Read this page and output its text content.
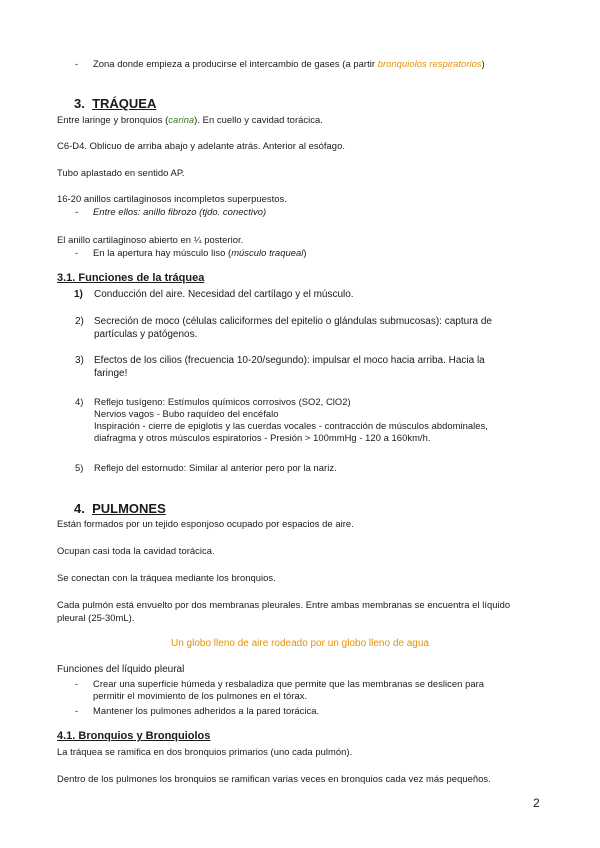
- Zona donde empieza a producirse el intercambio de gases (a partir bronquiolos respiratorios)
3. TRÁQUEA
Entre laringe y bronquios (carina). En cuello y cavidad torácica.
C6-D4. Oblicuo de arriba abajo y adelante atrás. Anterior al esófago.
Tubo aplastado en sentido AP.
16-20 anillos cartilaginosos incompletos superpuestos.
- Entre ellos: anillo fibrozo (tjdo. conectivo)
El anillo cartilaginoso abierto en ¼ posterior.
- En la apertura hay músculo liso (músculo traqueal)
3.1. Funciones de la tráquea
1) Conducción del aire. Necesidad del cartílago y el músculo.
2)	Secreción de moco (células caliciformes del epitelio o glándulas submucosas): captura de
partículas y patógenos.
3)	Efectos de los cilios (frecuencia 10-20/segundo): impulsar el moco hacia arriba. Hacia la
faringe!
4)	Reflejo tusígeno: Estímulos químicos corrosivos (SO2, ClO2)
Nervios vagos - Bubo raquídeo del encéfalo
Inspiración - cierre de epiglotis y las cuerdas vocales - contracción de músculos abdominales,
diafragma y otros músculos espiratorios - Presión > 100mmHg - 120 a 160km/h.
5)	Reflejo del estornudo: Similar al anterior pero por la nariz.
4. PULMONES
Están formados por un tejido esponjoso ocupado por espacios de aire.
Ocupan casi toda la cavidad torácica.
Se conectan con la tráquea mediante los bronquios.
Cada pulmón está envuelto por dos membranas pleurales. Entre ambas membranas se encuentra el líquido
pleural (25-30mL).
Un globo lleno de aire rodeado por un globo lleno de agua
Funciones del líquido pleural
- Crear una superficie húmeda y resbaladiza que permite que las membranas se deslicen para
permitir el movimiento de los pulmones en el tórax.
- Mantener los pulmones adheridos a la pared torácica.
4.1. Bronquios y Bronquiolos
La tráquea se ramifica en dos bronquios primarios (uno cada pulmón).
Dentro de los pulmones los bronquios se ramifican varias veces en bronquios cada vez más pequeños.
2
